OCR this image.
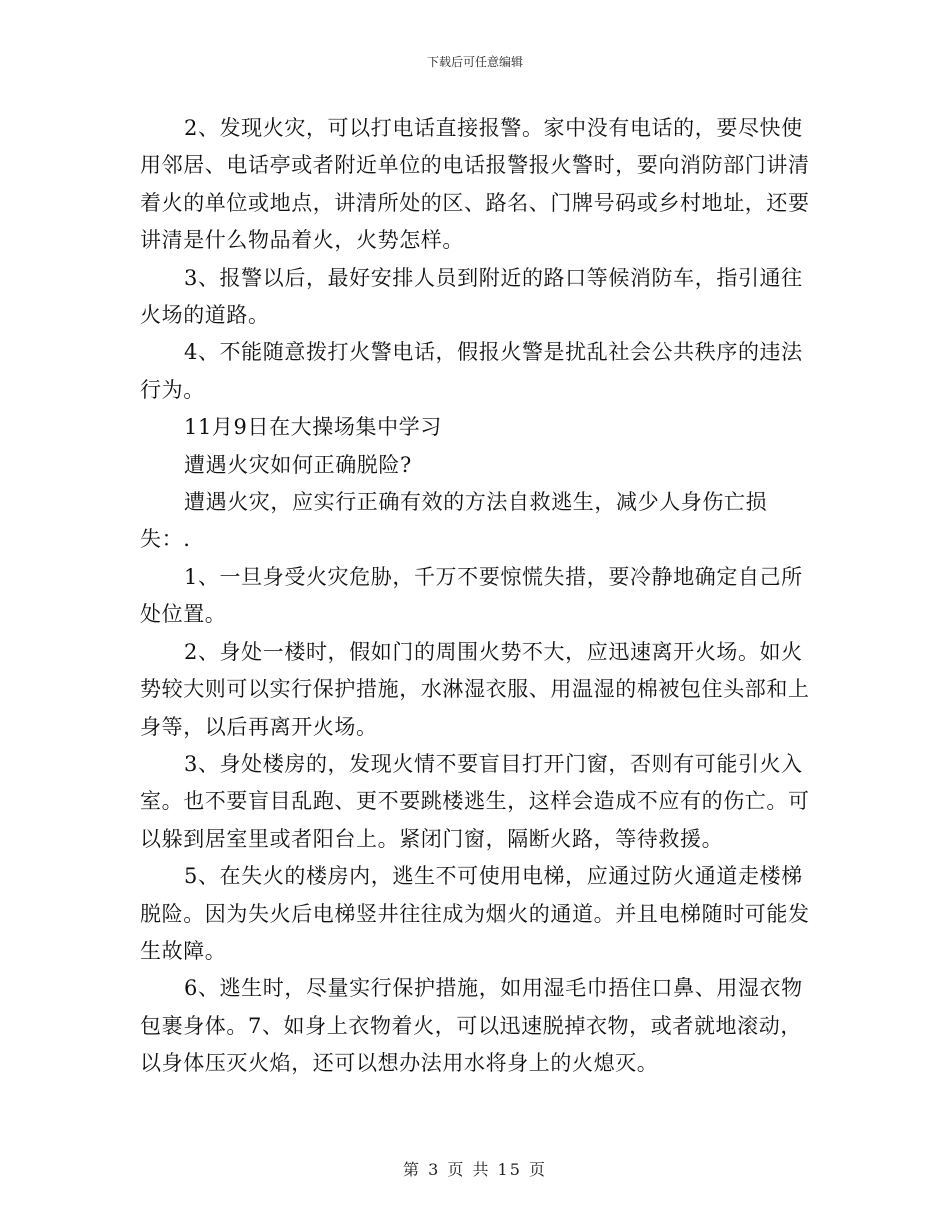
下载后可任意编辑

2、发现火灾，可以打电话直接报警。家中没有电话的，要尽快使用邻居、电话亭或者附近单位的电话报警报火警时，要向消防部门讲清着火的单位或地点，讲清所处的区、路名、门牌号码或乡村地址，还要讲清是什么物品着火，火势怎样。

3、报警以后，最好安排人员到附近的路口等候消防车，指引通往火场的道路。

4、不能随意拨打火警电话，假报火警是扰乱社会公共秩序的违法行为。

11月9日在大操场集中学习

遭遇火灾如何正确脱险?

遭遇火灾，应实行正确有效的方法自救逃生，减少人身伤亡损失：.

1、一旦身受火灾危胁，千万不要惊慌失措，要冷静地确定自己所处位置。

2、身处一楼时，假如门的周围火势不大，应迅速离开火场。如火势较大则可以实行保护措施，水淋湿衣服、用温湿的棉被包住头部和上身等，以后再离开火场。

3、身处楼房的，发现火情不要盲目打开门窗，否则有可能引火入室。也不要盲目乱跑、更不要跳楼逃生，这样会造成不应有的伤亡。可以躲到居室里或者阳台上。紧闭门窗，隔断火路，等待救援。

5、在失火的楼房内，逃生不可使用电梯，应通过防火通道走楼梯脱险。因为失火后电梯竖井往往成为烟火的通道。并且电梯随时可能发生故障。

6、逃生时，尽量实行保护措施，如用湿毛巾捂住口鼻、用湿衣物包裹身体。7、如身上衣物着火，可以迅速脱掉衣物，或者就地滚动，以身体压灭火焰，还可以想办法用水将身上的火熄灭。

第 3 页 共 15 页
